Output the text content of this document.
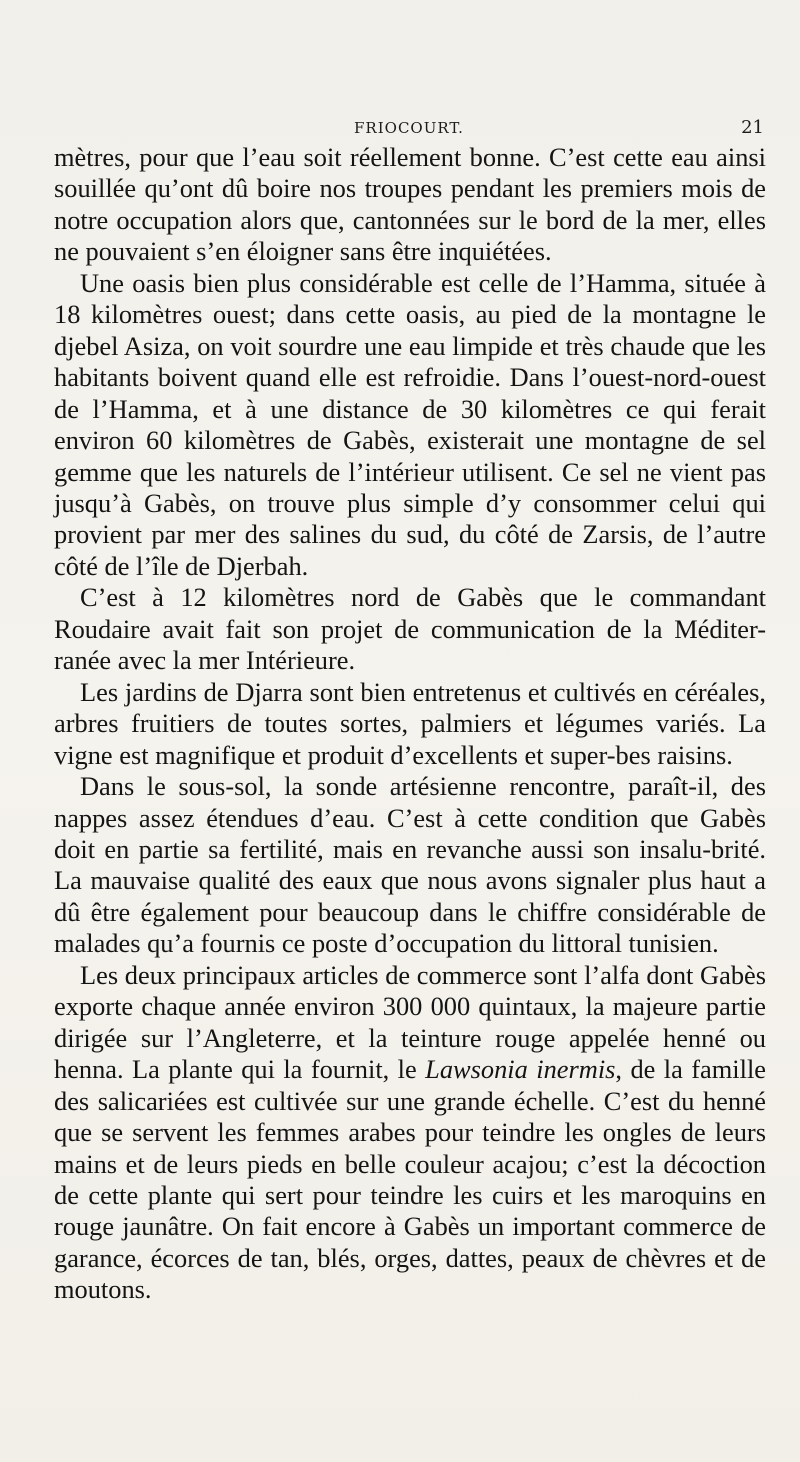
FRIOCOURT.	21

mètres, pour que l’eau soit réellement bonne. C’est cette eau ainsi souillée qu’ont dû boire nos troupes pendant les premiers mois de notre occupation alors que, cantonnées sur le bord de la mer, elles ne pouvaient s’en éloigner sans être inquiétées.

Une oasis bien plus considérable est celle de l’Hamma, située à 18 kilomètres ouest; dans cette oasis, au pied de la montagne le djebel Asiza, on voit sourdre une eau limpide et très chaude que les habitants boivent quand elle est refroidie. Dans l’ouest-nord-ouest de l’Hamma, et à une distance de 30 kilomètres ce qui ferait environ 60 kilomètres de Gabès, existerait une montagne de sel gemme que les naturels de l’intérieur utilisent. Ce sel ne vient pas jusqu’à Gabès, on trouve plus simple d’y consommer celui qui provient par mer des salines du sud, du côté de Zarsis, de l’autre côté de l’île de Djerbah.

C’est à 12 kilomètres nord de Gabès que le commandant Roudaire avait fait son projet de communication de la Méditer-ranée avec la mer Intérieure.

Les jardins de Djarra sont bien entretenus et cultivés en céréales, arbres fruitiers de toutes sortes, palmiers et légumes variés. La vigne est magnifique et produit d’excellents et super-bes raisins.

Dans le sous-sol, la sonde artésienne rencontre, paraît-il, des nappes assez étendues d’eau. C’est à cette condition que Gabès doit en partie sa fertilité, mais en revanche aussi son insalu-brité. La mauvaise qualité des eaux que nous avons signaler plus haut a dû être également pour beaucoup dans le chiffre considérable de malades qu’a fournis ce poste d’occupation du littoral tunisien.

Les deux principaux articles de commerce sont l’alfa dont Gabès exporte chaque année environ 300 000 quintaux, la majeure partie dirigée sur l’Angleterre, et la teinture rouge appelée henné ou henna. La plante qui la fournit, le Lawsonia inermis, de la famille des salicariées est cultivée sur une grande échelle. C’est du henné que se servent les femmes arabes pour teindre les ongles de leurs mains et de leurs pieds en belle couleur acajou; c’est la décoction de cette plante qui sert pour teindre les cuirs et les maroquins en rouge jaunâtre. On fait encore à Gabès un important commerce de garance, écorces de tan, blés, orges, dattes, peaux de chèvres et de moutons.
